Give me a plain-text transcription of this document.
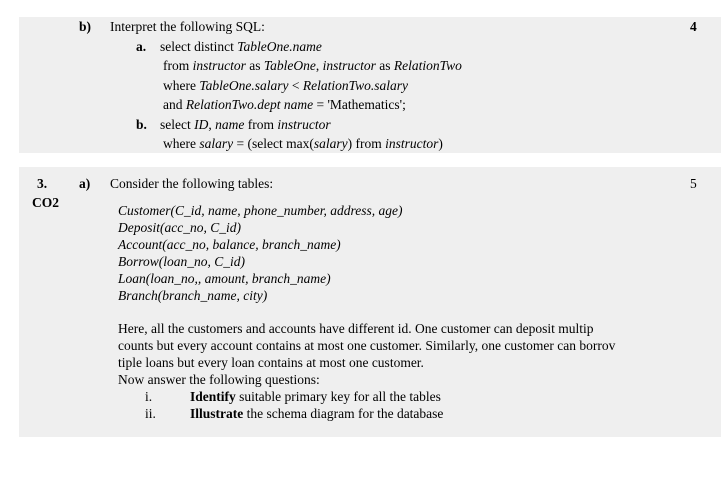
b) Interpret the following SQL:	4
a. select distinct TableOne.name
from instructor as TableOne, instructor as RelationTwo
where TableOne.salary < RelationTwo.salary
and RelationTwo.dept name = 'Mathematics';
b. select ID, name from instructor
where salary = (select max(salary) from instructor)
3.
CO2
a) Consider the following tables:	5
Customer(C_id, name, phone_number, address, age)
Deposit(acc_no, C_id)
Account(acc_no, balance, branch_name)
Borrow(loan_no, C_id)
Loan(loan_no,, amount, branch_name)
Branch(branch_name, city)
Here, all the customers and accounts have different id. One customer can deposit multip
counts but every account contains at most one customer. Similarly, one customer can borrov
tiple loans but every loan contains at most one customer.
Now answer the following questions:
i.	Identify suitable primary key for all the tables
ii.	Illustrate the schema diagram for the database
